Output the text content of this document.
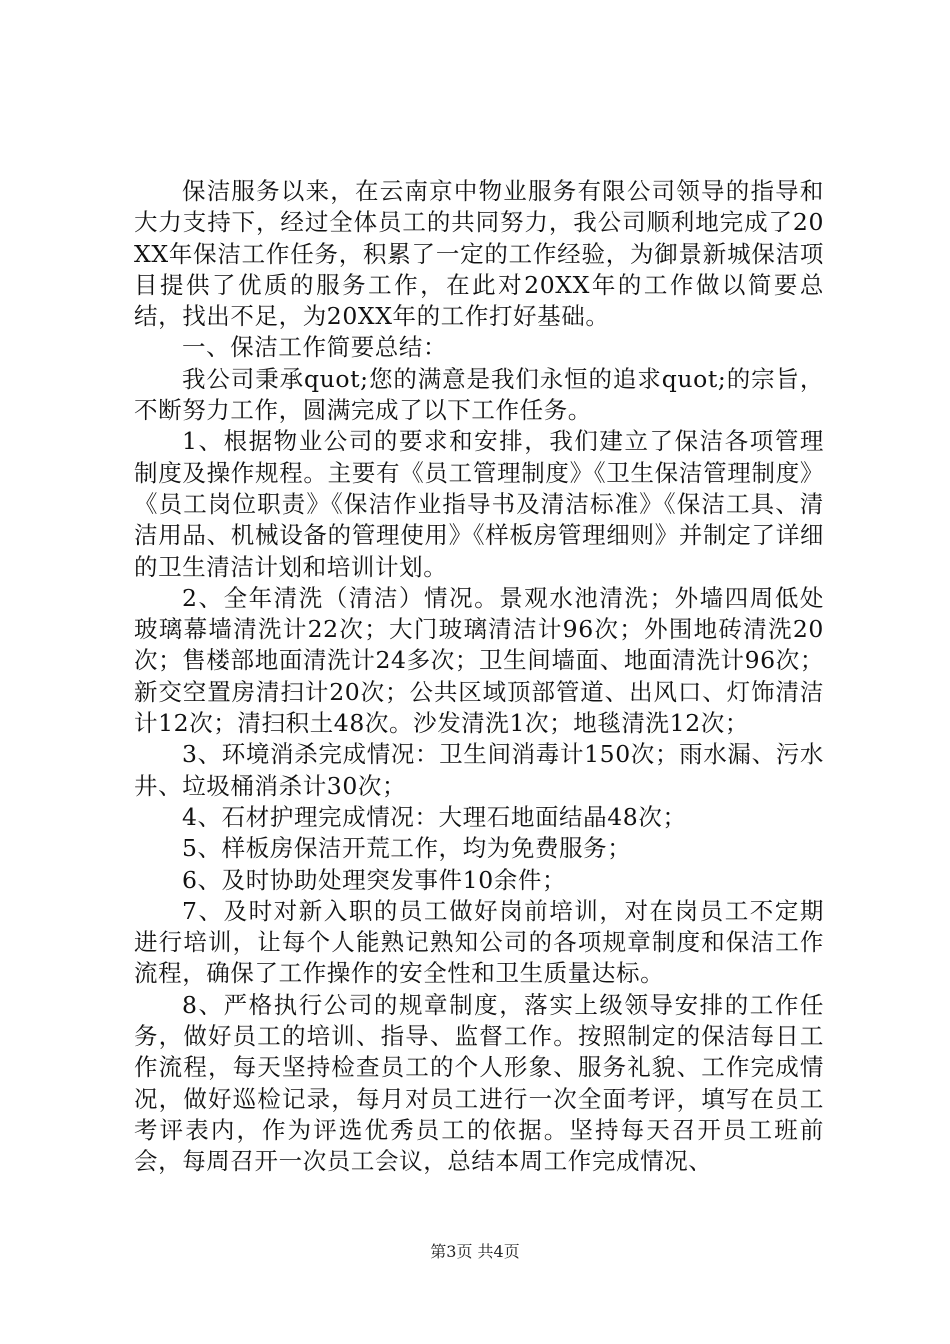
保洁服务以来，在云南京中物业服务有限公司领导的指导和大力支持下，经过全体员工的共同努力，我公司顺利地完成了20XX年保洁工作任务，积累了一定的工作经验，为御景新城保洁项目提供了优质的服务工作，在此对20XX年的工作做以简要总结，找出不足，为20XX年的工作打好基础。

一、保洁工作简要总结：

我公司秉承quot;您的满意是我们永恒的追求quot;的宗旨，不断努力工作，圆满完成了以下工作任务。

1、根据物业公司的要求和安排，我们建立了保洁各项管理制度及操作规程。主要有《员工管理制度》《卫生保洁管理制度》《员工岗位职责》《保洁作业指导书及清洁标准》《保洁工具、清洁用品、机械设备的管理使用》《样板房管理细则》并制定了详细的卫生清洁计划和培训计划。

2、全年清洗（清洁）情况。景观水池清洗；外墙四周低处玻璃幕墙清洗计22次；大门玻璃清洁计96次；外围地砖清洗20次；售楼部地面清洗计24多次；卫生间墙面、地面清洗计96次；新交空置房清扫计20次；公共区域顶部管道、出风口、灯饰清洁计12次；清扫积土48次。沙发清洗1次；地毯清洗12次；

3、环境消杀完成情况：卫生间消毒计150次；雨水漏、污水井、垃圾桶消杀计30次；

4、石材护理完成情况：大理石地面结晶48次；

5、样板房保洁开荒工作，均为免费服务；

6、及时协助处理突发事件10余件；

7、及时对新入职的员工做好岗前培训，对在岗员工不定期进行培训，让每个人能熟记熟知公司的各项规章制度和保洁工作流程，确保了工作操作的安全性和卫生质量达标。

8、严格执行公司的规章制度，落实上级领导安排的工作任务，做好员工的培训、指导、监督工作。按照制定的保洁每日工作流程，每天坚持检查员工的个人形象、服务礼貌、工作完成情况，做好巡检记录，每月对员工进行一次全面考评，填写在员工考评表内，作为评选优秀员工的依据。坚持每天召开员工班前会，每周召开一次员工会议，总结本周工作完成情况、

第3页 共4页
